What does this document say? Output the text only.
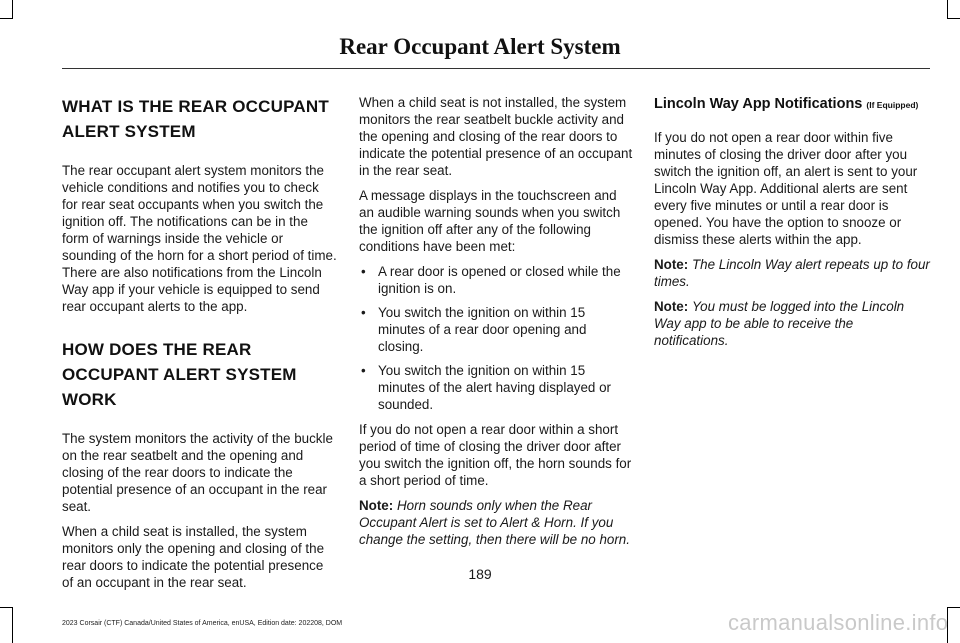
Rear Occupant Alert System
WHAT IS THE REAR OCCUPANT ALERT SYSTEM

The rear occupant alert system monitors the vehicle conditions and notifies you to check for rear seat occupants when you switch the ignition off. The notifications can be in the form of warnings inside the vehicle or sounding of the horn for a short period of time. There are also notifications from the Lincoln Way app if your vehicle is equipped to send rear occupant alerts to the app.

HOW DOES THE REAR OCCUPANT ALERT SYSTEM WORK

The system monitors the activity of the buckle on the rear seatbelt and the opening and closing of the rear doors to indicate the potential presence of an occupant in the rear seat.

When a child seat is installed, the system monitors only the opening and closing of the rear doors to indicate the potential presence of an occupant in the rear seat.

When a child seat is not installed, the system monitors the rear seatbelt buckle activity and the opening and closing of the rear doors to indicate the potential presence of an occupant in the rear seat.

A message displays in the touchscreen and an audible warning sounds when you switch the ignition off after any of the following conditions have been met:

• A rear door is opened or closed while the ignition is on.
• You switch the ignition on within 15 minutes of a rear door opening and closing.
• You switch the ignition on within 15 minutes of the alert having displayed or sounded.

If you do not open a rear door within a short period of time of closing the driver door after you switch the ignition off, the horn sounds for a short period of time.

Note: Horn sounds only when the Rear Occupant Alert is set to Alert & Horn. If you change the setting, then there will be no horn.

Lincoln Way App Notifications (If Equipped)

If you do not open a rear door within five minutes of closing the driver door after you switch the ignition off, an alert is sent to your Lincoln Way App. Additional alerts are sent every five minutes or until a rear door is opened. You have the option to snooze or dismiss these alerts within the app.

Note: The Lincoln Way alert repeats up to four times.

Note: You must be logged into the Lincoln Way app to be able to receive the notifications.

189
2023 Corsair (CTF) Canada/United States of America, enUSA, Edition date: 202208, DOM	carmanualsonline.info
